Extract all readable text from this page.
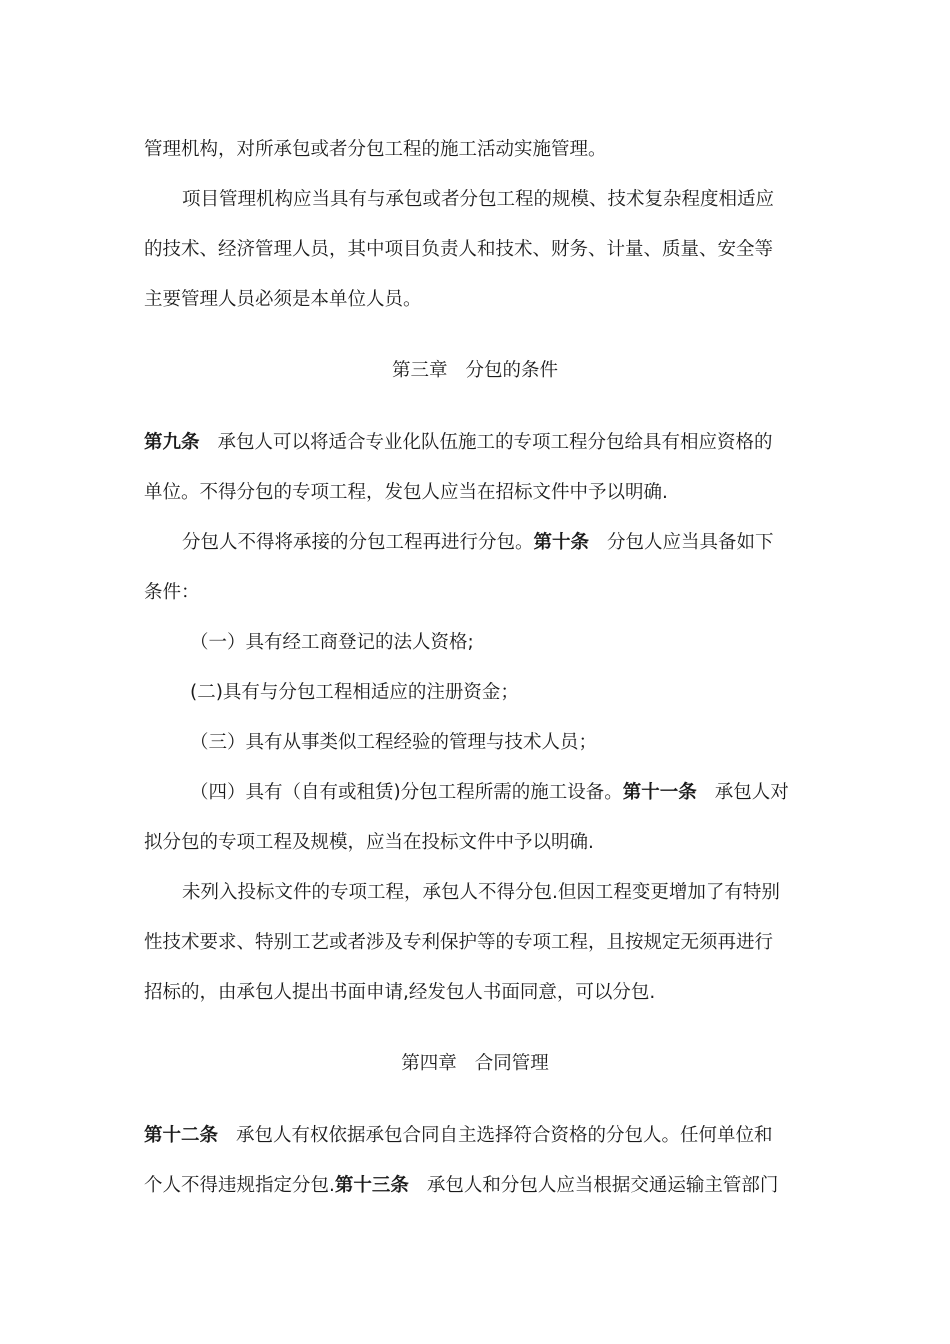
管理机构，对所承包或者分包工程的施工活动实施管理。
项目管理机构应当具有与承包或者分包工程的规模、技术复杂程度相适应
的技术、经济管理人员，其中项目负责人和技术、财务、计量、质量、安全等
主要管理人员必须是本单位人员。
第三章 分包的条件
第九条 承包人可以将适合专业化队伍施工的专项工程分包给具有相应资格的
单位。不得分包的专项工程，发包人应当在招标文件中予以明确.
分包人不得将承接的分包工程再进行分包。第十条 分包人应当具备如下
条件：
（一）具有经工商登记的法人资格;
(二)具有与分包工程相适应的注册资金；
（三）具有从事类似工程经验的管理与技术人员；
（四）具有（自有或租赁)分包工程所需的施工设备。第十一条 承包人对
拟分包的专项工程及规模，应当在投标文件中予以明确.
未列入投标文件的专项工程，承包人不得分包.但因工程变更增加了有特别
性技术要求、特别工艺或者涉及专利保护等的专项工程，且按规定无须再进行
招标的，由承包人提出书面申请,经发包人书面同意，可以分包.
第四章 合同管理
第十二条 承包人有权依据承包合同自主选择符合资格的分包人。任何单位和
个人不得违规指定分包.第十三条 承包人和分包人应当根据交通运输主管部门
